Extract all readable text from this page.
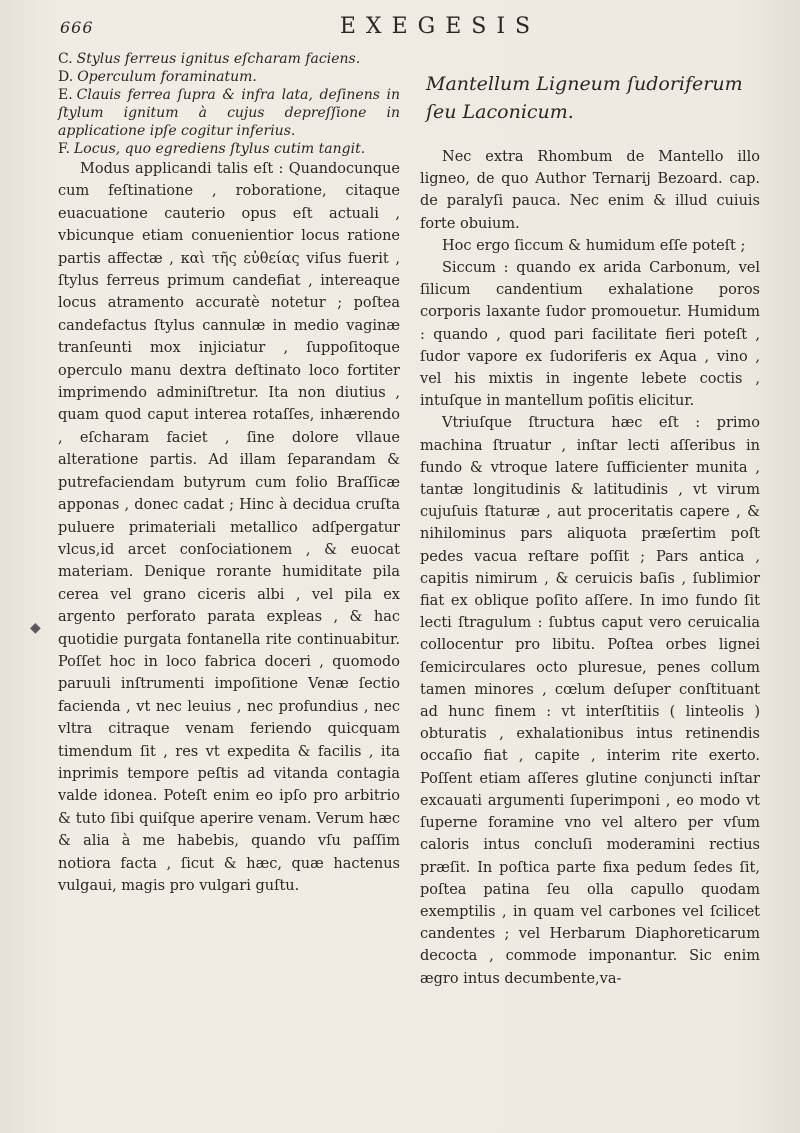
666	EXEGESIS

C. Stylus ferreus ignitus eſcharam faciens.

D. Operculum foraminatum.

E. Clauis ferrea ſupra & infra lata, deſinens in ſtylum ignitum à cujus depreſſione in applicatione ipſe cogitur inferius.

F. Locus, quo egrediens ſtylus cutim tangit.

Modus applicandi talis eſt : Quandocunque cum feſtinatione , roboratione, citaque euacuatione cauterio opus eſt actuali , vbicunque etiam conuenientior locus ratione partis affectæ , καὶ τῆς εὐθείας viſus fuerit , ſtylus ferreus primum candefiat , intereaque locus atramento accuratè notetur ; poſtea candefactus ſtylus cannulæ in medio vaginæ tranſeunti mox injiciatur , ſuppoſitoque operculo manu dextra deſtinato loco fortiter imprimendo adminiſtretur. Ita non diutius , quam quod caput interea rotaſſes, inhærendo , eſcharam faciet , ſine dolore vllaue alteratione partis. Ad illam ſeparandam & putrefaciendam butyrum cum folio Braſſicæ apponas , donec cadat ; Hinc à decidua cruſta puluere primateriali metallico adſpergatur vlcus,id arcet conſociationem , & euocat materiam. Denique rorante humiditate pila cerea vel grano ciceris albi , vel pila ex argento perforato parata expleas , & hac quotidie purgata fontanella rite continuabitur. Poſſet hoc in loco fabrica doceri , quomodo paruuli inſtrumenti impoſitione Venæ ſectio facienda , vt nec leuius , nec profundius , nec vltra citraque venam feriendo quicquam timendum ſit , res vt expedita & facilis , ita inprimis tempore peſtis ad vitanda contagia valde idonea. Poteſt enim eo ipſo pro arbitrio & tuto ſibi quiſque aperire venam. Verum hæc & alia à me habebis, quando vſu paſſim notiora facta , ſicut & hæc, quæ hactenus vulgaui, magis pro vulgari guſtu.

Mantellum Ligneum ſudoriferum ſeu Laconicum.

Nec extra Rhombum de Mantello illo ligneo, de quo Author Ternarij Bezoard. cap. de paralyſi pauca. Nec enim & illud cuiuis forte obuium.

Hoc ergo ſiccum & humidum eſſe poteſt ;

Siccum : quando ex arida Carbonum, vel ſilicum candentium exhalatione poros corporis laxante ſudor promouetur. Humidum : quando , quod pari facilitate fieri poteſt , ſudor vapore ex ſudoriferis ex Aqua , vino , vel his mixtis in ingente lebete coctis , intuſque in mantellum poſitis elicitur.

Vtriuſque ſtructura hæc eſt : primo machina ſtruatur , inſtar lecti aſſeribus in fundo & vtroque latere ſufficienter munita , tantæ longitudinis & latitudinis , vt virum cujuſuis ſtaturæ , aut proceritatis capere , & nihilominus pars aliquota præſertim poſt pedes vacua reſtare poſſit ; Pars antica , capitis nimirum , & ceruicis baſis , ſublimior fiat ex oblique poſito aſſere. In imo fundo ſit lecti ſtragulum : ſubtus caput vero ceruicalia collocentur pro libitu. Poſtea orbes lignei ſemicirculares octo pluresue, penes collum tamen minores , cœlum deſuper conſtituant ad hunc finem : vt interſtitiis ( linteolis ) obturatis , exhalationibus intus retinendis occaſio fiat , capite , interim rite exerto. Poſſent etiam aſſeres glutine conjuncti inſtar excauati argumenti ſuperimponi , eo modo vt ſuperne foramine vno vel altero per vſum caloris intus concluſi moderamini rectius præſit. In poſtica parte fixa pedum ſedes ſit, poſtea patina ſeu olla capullo quodam exemptilis , in quam vel carbones vel ſcilicet candentes ; vel Herbarum Diaphoreticarum decocta , commode imponantur. Sic enim ægro intus decumbente,va-

◆
